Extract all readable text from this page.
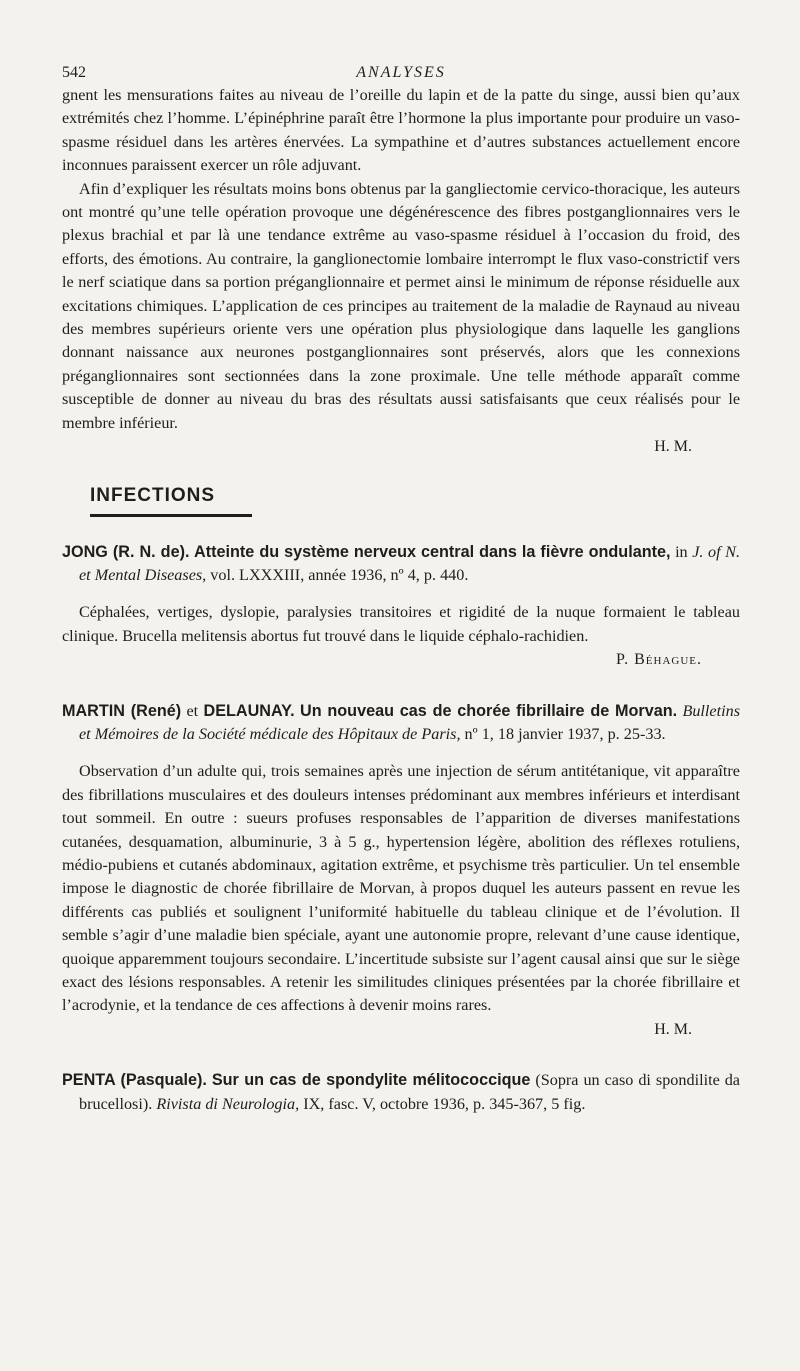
542	ANALYSES

gnent les mensurations faites au niveau de l’oreille du lapin et de la patte du singe, aussi bien qu’aux extrémités chez l’homme. L’épinéphrine paraît être l’hormone la plus importante pour produire un vaso-spasme résiduel dans les artères énervées. La sympathine et d’autres substances actuellement encore inconnues paraissent exercer un rôle adjuvant.

Afin d’expliquer les résultats moins bons obtenus par la gangliectomie cervico-thoracique, les auteurs ont montré qu’une telle opération provoque une dégénérescence des fibres postganglionnaires vers le plexus brachial et par là une tendance extrême au vaso-spasme résiduel à l’occasion du froid, des efforts, des émotions. Au contraire, la ganglionectomie lombaire interrompt le flux vaso-constrictif vers le nerf sciatique dans sa portion préganglionnaire et permet ainsi le minimum de réponse résiduelle aux excitations chimiques. L’application de ces principes au traitement de la maladie de Raynaud au niveau des membres supérieurs oriente vers une opération plus physiologique dans laquelle les ganglions donnant naissance aux neurones postganglionnaires sont préservés, alors que les connexions préganglionnaires sont sectionnées dans la zone proximale. Une telle méthode apparaît comme susceptible de donner au niveau du bras des résultats aussi satisfaisants que ceux réalisés pour le membre inférieur.

H. M.
INFECTIONS
JONG (R. N. de). Atteinte du système nerveux central dans la fièvre ondulante, in J. of N. et Mental Diseases, vol. LXXXIII, année 1936, nº 4, p. 440.

Céphalées, vertiges, dyslopie, paralysies transitoires et rigidité de la nuque formaient le tableau clinique. Brucella melitensis abortus fut trouvé dans le liquide céphalo-rachidien.

P. Béhague.
MARTIN (René) et DELAUNAY. Un nouveau cas de chorée fibrillaire de Morvan. Bulletins et Mémoires de la Société médicale des Hôpitaux de Paris, nº 1, 18 janvier 1937, p. 25-33.

Observation d’un adulte qui, trois semaines après une injection de sérum antitétanique, vit apparaître des fibrillations musculaires et des douleurs intenses prédominant aux membres inférieurs et interdisant tout sommeil. En outre : sueurs profuses responsables de l’apparition de diverses manifestations cutanées, desquamation, albuminurie, 3 à 5 g., hypertension légère, abolition des réflexes rotuliens, médio-pubiens et cutanés abdominaux, agitation extrême, et psychisme très particulier. Un tel ensemble impose le diagnostic de chorée fibrillaire de Morvan, à propos duquel les auteurs passent en revue les différents cas publiés et soulignent l’uniformité habituelle du tableau clinique et de l’évolution. Il semble s’agir d’une maladie bien spéciale, ayant une autonomie propre, relevant d’une cause identique, quoique apparemment toujours secondaire. L’incertitude subsiste sur l’agent causal ainsi que sur le siège exact des lésions responsables. A retenir les similitudes cliniques présentées par la chorée fibrillaire et l’acrodynie, et la tendance de ces affections à devenir moins rares.

H. M.
PENTA (Pasquale). Sur un cas de spondylite mélitococcique (Sopra un caso di spondilite da brucellosi). Rivista di Neurologia, IX, fasc. V, octobre 1936, p. 345-367, 5 fig.
